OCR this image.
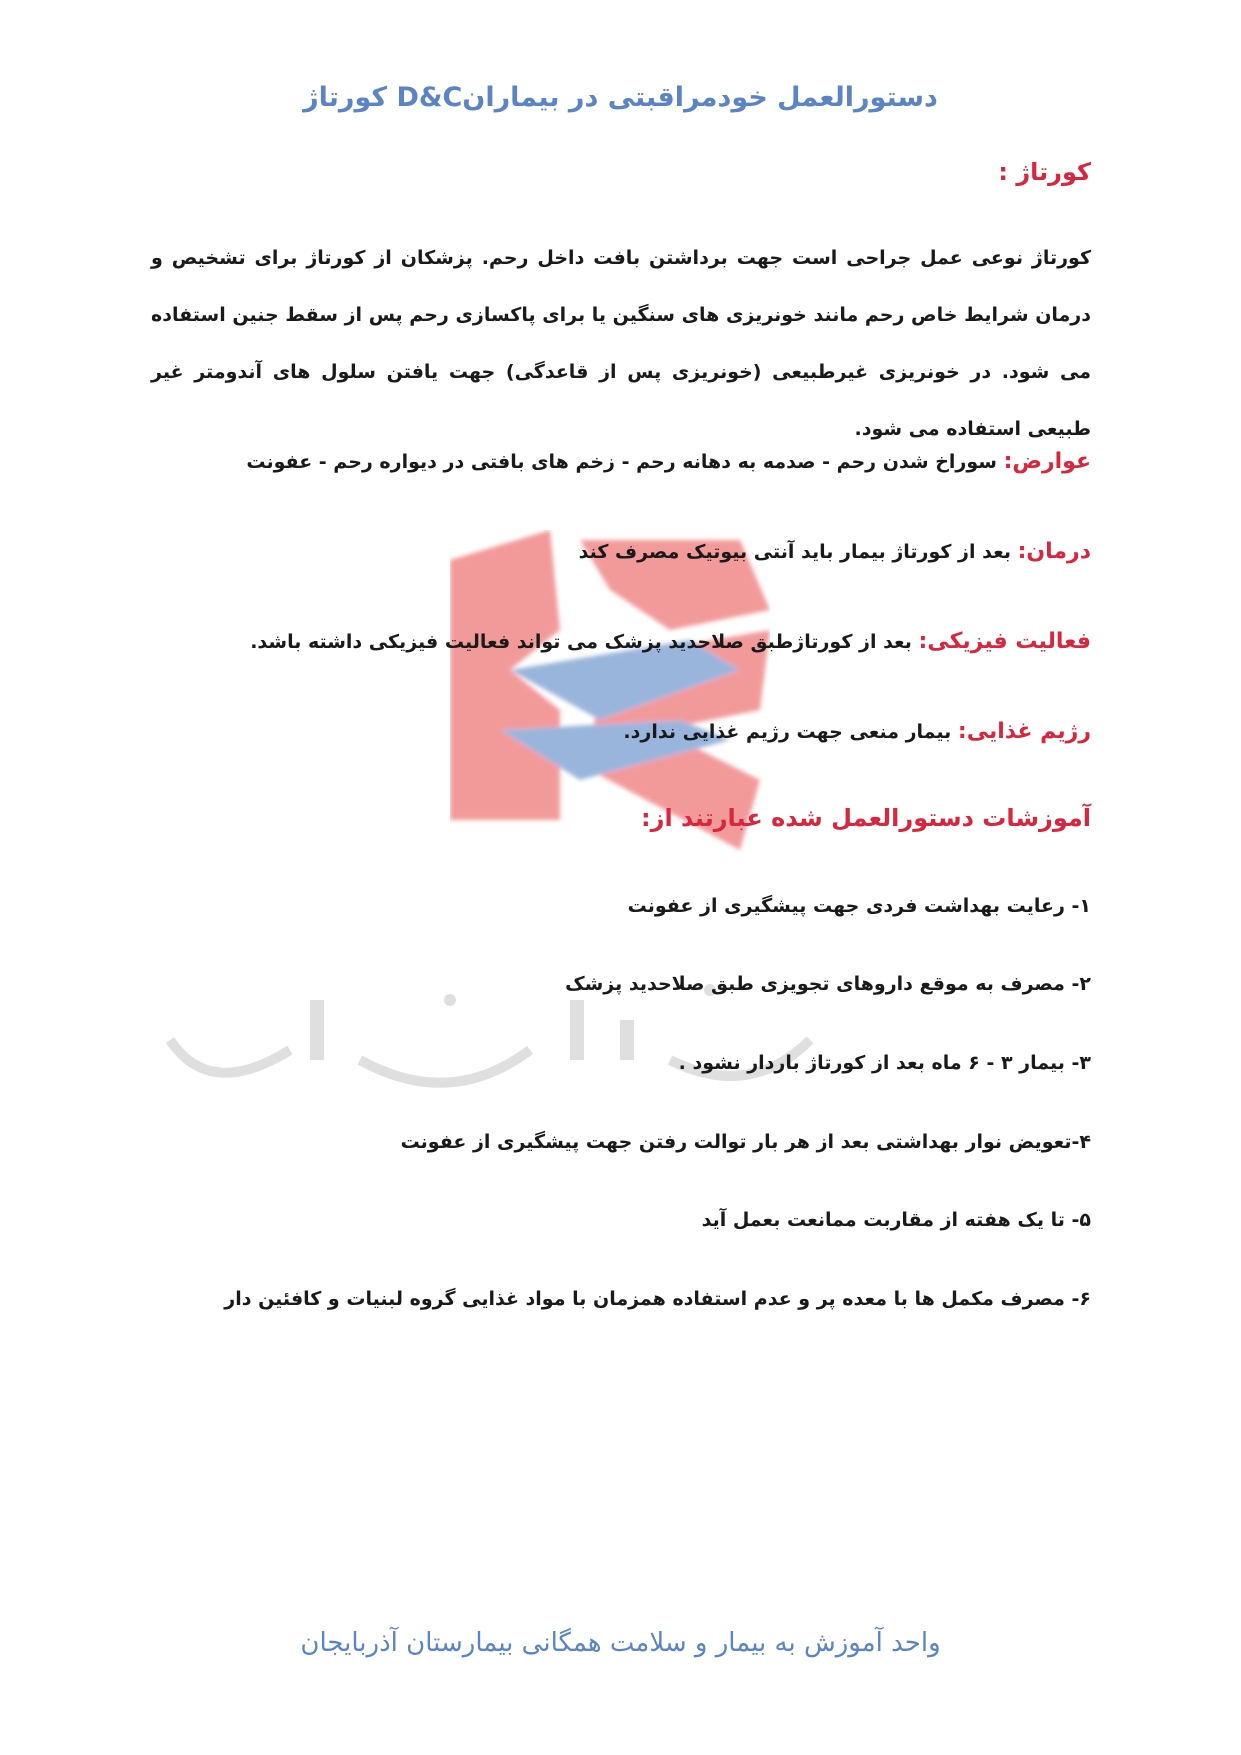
دستورالعمل خودمراقبتی در بیمارانD&C کورتاژ
کورتاژ :
کورتاژ نوعی عمل جراحی است جهت برداشتن بافت داخل رحم. پزشکان از کورتاژ برای تشخیص و درمان شرایط خاص رحم مانند خونریزی های سنگین یا برای پاکسازی رحم پس از سقط جنین استفاده می شود. در خونریزی غیرطبیعی (خونریزی پس از قاعدگی) جهت یافتن سلول های آندومتر غیر طبیعی استفاده می شود.
عوارض: سوراخ شدن رحم - صدمه به دهانه رحم - زخم های بافتی در دیواره رحم - عفونت
درمان: بعد از کورتاژ بیمار باید آنتی بیوتیک مصرف کند
فعالیت فیزیکی: بعد از کورتاژطبق صلاحدید پزشک می تواند فعالیت فیزیکی داشته باشد.
رژیم غذایی: بیمار منعی جهت رژیم غذایی ندارد.
آموزشات دستورالعمل شده عبارتند از:
۱- رعایت بهداشت فردی جهت پیشگیری از عفونت
۲- مصرف به موقع داروهای تجویزی طبق صلاحدید پزشک
۳- بیمار ۳ - ۶ ماه بعد از کورتاژ باردار نشود .
۴-تعویض نوار بهداشتی بعد از هر بار توالت رفتن جهت پیشگیری از عفونت
۵- تا یک هفته از مقاربت ممانعت بعمل آید
۶- مصرف مکمل ها با معده پر و عدم استفاده همزمان با مواد غذایی گروه لبنیات و کافئین دار
واحد آموزش به بیمار و سلامت همگانی بیمارستان آذربایجان
